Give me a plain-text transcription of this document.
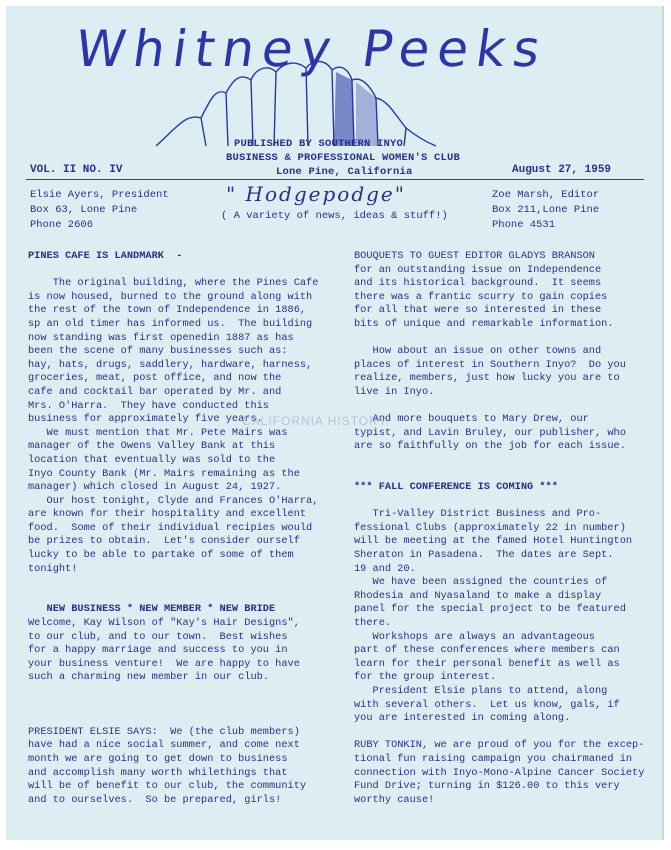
Whitney Peeks
PUBLISHED BY SOUTHERN INYO
BUSINESS & PROFESSIONAL WOMEN'S CLUB
VOL. II NO. IV	Lone Pine, California	August 27, 1959
Elsie Ayers, President
Box 63, Lone Pine
Phone 2606
" Hodgepodge"
( A variety of news, ideas & stuff!)
Zoe Marsh, Editor
Box 211,Lone Pine
Phone 4531
PINES CAFE IS LANDMARK  -
The original building, where the Pines Cafe
is now housed, burned to the ground along with
the rest of the town of Independence in 1886,
sp an old timer has informed us.  The building
now standing was first openedin 1887 as has
been the scene of many businesses such as:
hay, hats, drugs, saddlery, hardware, harness,
groceries, meat, post office, and now the
cafe and cocktail bar operated by Mr. and
Mrs. O'Harra.  They have conducted this
business for approximately five years.
We must mention that Mr. Pete Mairs was
manager of the Owens Valley Bank at this
location that eventually was sold to the
Inyo County Bank (Mr. Mairs remaining as the
manager) which closed in August 24, 1927.
Our host tonight, Clyde and Frances O'Harra,
are known for their hospitality and excellent
food.  Some of their individual recipies would
be prizes to obtain.  Let's consider ourself
lucky to be able to partake of some of them
tonight!
NEW BUSINESS * NEW MEMBER * NEW BRIDE
Welcome, Kay Wilson of "Kay's Hair Designs",
to our club, and to our town.  Best wishes
for a happy marriage and success to you in
your business venture!  We are happy to have
such a charming new member in our club.
PRESIDENT ELSIE SAYS:  We (the club members)
have had a nice social summer, and come next
month we are going to get down to business
and accomplish many worth whilethings that
will be of benefit to our club, the community
and to ourselves.  So be prepared, girls!
BOUQUETS TO GUEST EDITOR GLADYS BRANSON
for an outstanding issue on Independence
and its historical background.  It seems
there was a frantic scurry to gain copies
for all that were so interested in these
bits of unique and remarkable information.
How about an issue on other towns and
places of interest in Southern Inyo?  Do you
realize, members, just how lucky you are to
live in Inyo.
And more bouquets to Mary Drew, our
typist, and Lavin Bruley, our publisher, who
are so faithfully on the job for each issue.
*** FALL CONFERENCE IS COMING ***
Tri-Valley District Business and Pro-
fessional Clubs (approximately 22 in number)
will be meeting at the famed Hotel Huntington
Sheraton in Pasadena.  The dates are Sept.
19 and 20.
We have been assigned the countries of
Rhodesia and Nyasaland to make a display
panel for the special project to be featured
there.
Workshops are always an advantageous
part of these conferences where members can
learn for their personal benefit as well as
for the group interest.
President Elsie plans to attend, along
with several others.  Let us know, gals, if
you are interested in coming along.
RUBY TONKIN, we are proud of you for the excep-
tional fun raising campaign you chairmaned in
connection with Inyo-Mono-Alpine Cancer Society
Fund Drive; turning in $126.00 to this very
worthy cause!
CALIFORNIA HISTORY
